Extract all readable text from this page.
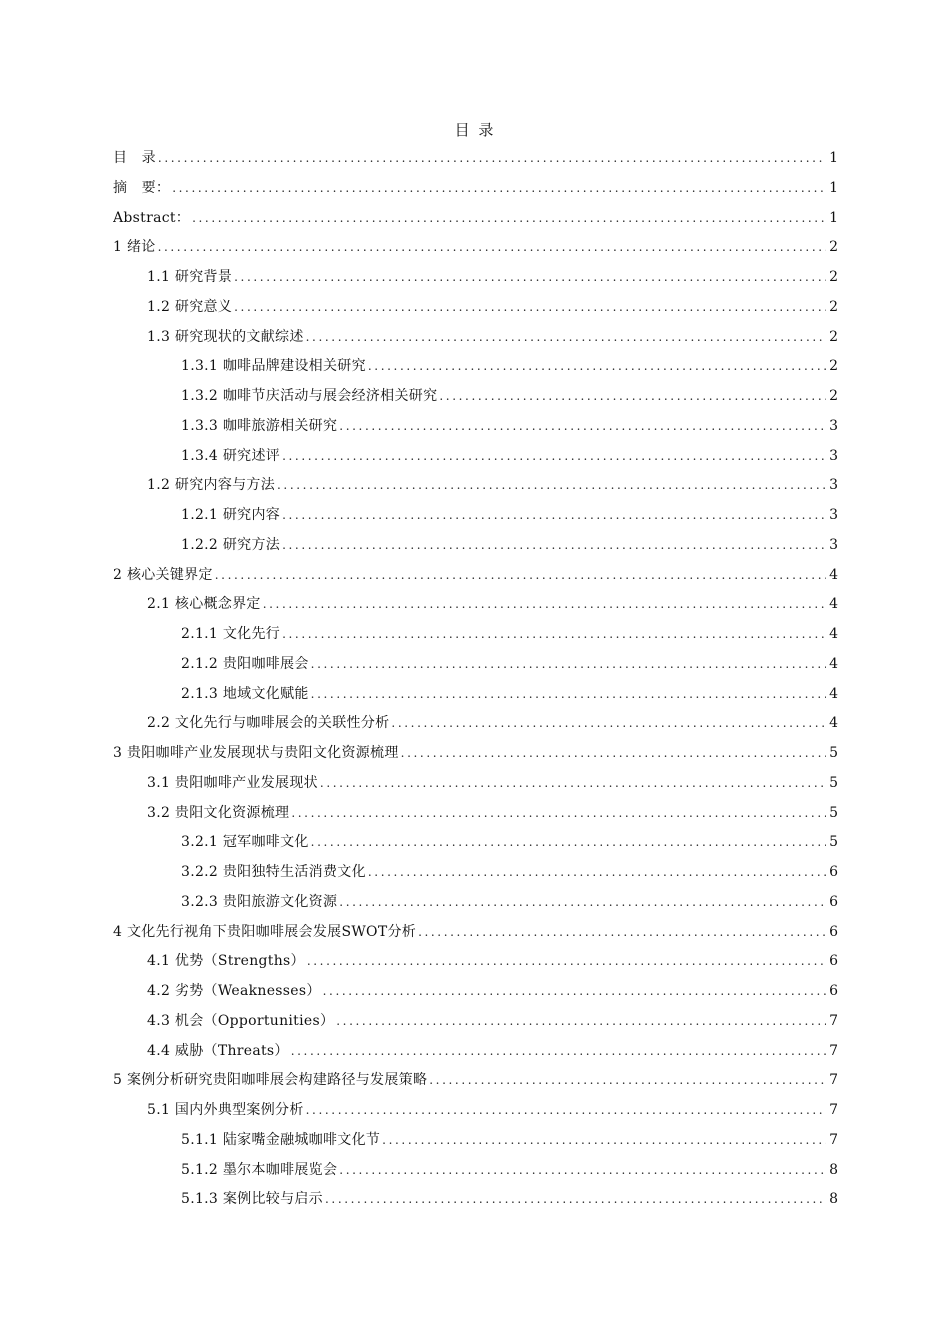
目 录
目　录 .....	1
摘　要： .....	1
Abstract： .....	1
1 绪论 .....	2
1.1 研究背景 .....	2
1.2 研究意义 .....	2
1.3 研究现状的文献综述 .....	2
1.3.1 咖啡品牌建设相关研究 .....	2
1.3.2 咖啡节庆活动与展会经济相关研究 .....	2
1.3.3 咖啡旅游相关研究 .....	3
1.3.4 研究述评 .....	3
1.2 研究内容与方法 .....	3
1.2.1 研究内容 .....	3
1.2.2 研究方法 .....	3
2 核心关键界定 .....	4
2.1 核心概念界定 .....	4
2.1.1 文化先行 .....	4
2.1.2 贵阳咖啡展会 .....	4
2.1.3 地域文化赋能 .....	4
2.2 文化先行与咖啡展会的关联性分析 .....	4
3 贵阳咖啡产业发展现状与贵阳文化资源梳理 .....	5
3.1 贵阳咖啡产业发展现状 .....	5
3.2 贵阳文化资源梳理 .....	5
3.2.1 冠军咖啡文化 .....	5
3.2.2 贵阳独特生活消费文化 .....	6
3.2.3 贵阳旅游文化资源 .....	6
4 文化先行视角下贵阳咖啡展会发展SWOT分析 .....	6
4.1 优势（Strengths） .....	6
4.2 劣势（Weaknesses） .....	6
4.3 机会（Opportunities） .....	7
4.4 威胁（Threats） .....	7
5 案例分析研究贵阳咖啡展会构建路径与发展策略 .....	7
5.1 国内外典型案例分析 .....	7
5.1.1 陆家嘴金融城咖啡文化节 .....	7
5.1.2 墨尔本咖啡展览会 .....	8
5.1.3 案例比较与启示 .....	8
